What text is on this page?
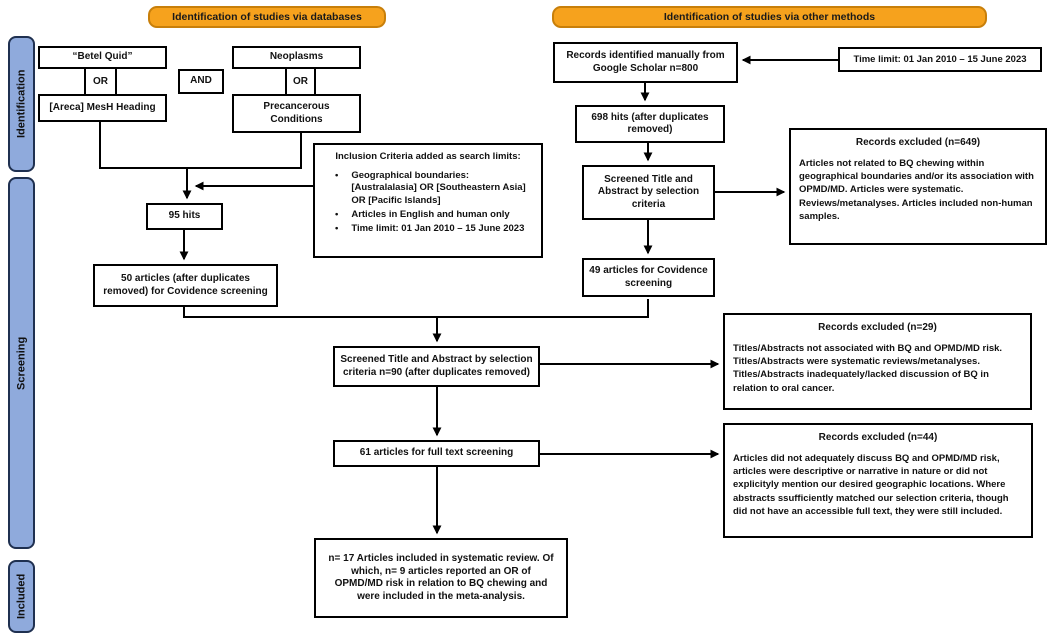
Identification of studies via databases	Identification of studies via other methods
Identification
Screening
Included
“Betel Quid”
OR
[Areca] MesH Heading
AND
Neoplasms
OR
Precancerous Conditions
95 hits
50 articles (after duplicates removed) for Covidence screening
Inclusion Criteria added as search limits:
• Geographical boundaries: [Australalasia] OR [Southeastern Asia] OR [Pacific Islands]
• Articles in English and human only
• Time limit: 01 Jan 2010 – 15 June 2023
Records identified manually from Google Scholar n=800
Time limit: 01 Jan 2010 – 15 June 2023
698 hits (after duplicates removed)
Screened Title and Abstract by selection criteria
49 articles for Covidence screening
Records excluded (n=649)
Articles not related to BQ chewing within geographical boundaries and/or its association with OPMD/MD. Articles were systematic. Reviews/metanalyses. Articles included non-human samples.
Screened Title and Abstract by selection criteria n=90 (after duplicates removed)
Records excluded (n=29)
Titles/Abstracts not associated with BQ and OPMD/MD risk. Titles/Abstracts were systematic reviews/metanalyses. Titles/Abstracts inadequately/lacked discussion of BQ in relation to oral cancer.
61 articles for full text screening
Records excluded (n=44)
Articles did not adequately discuss BQ and OPMD/MD risk, articles were descriptive or narrative in nature or did not explicityly mention our desired geographic locations. Where abstracts ssufficiently matched our selection criteria, though did not have an accessible full text, they were still included.
n= 17 Articles included in systematic review. Of which, n= 9 articles reported an OR of OPMD/MD risk in relation to BQ chewing and were included in the meta-analysis.
